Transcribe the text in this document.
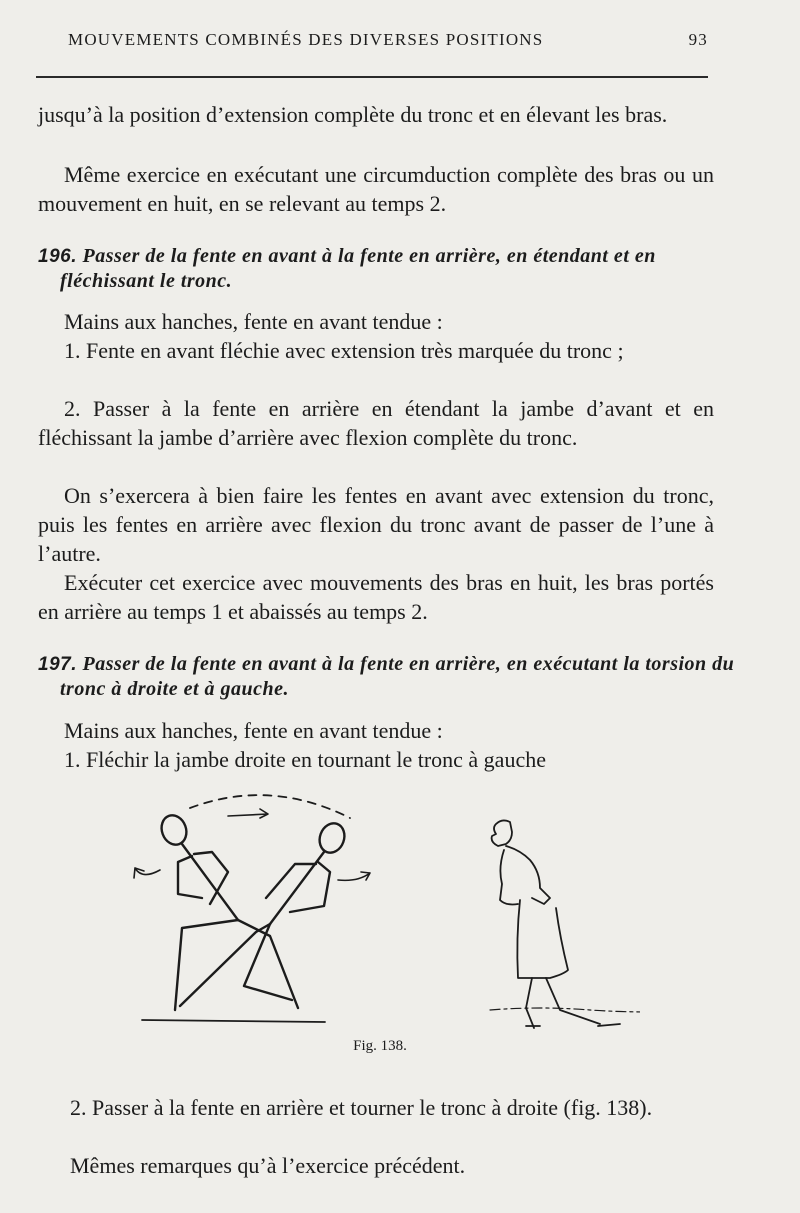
MOUVEMENTS COMBINÉS DES DIVERSES POSITIONS	93

jusqu’à la position d’extension complète du tronc et en élevant les bras.

Même exercice en exécutant une circumduction complète des bras ou un mouvement en huit, en se relevant au temps 2.

196. Passer de la fente en avant à la fente en arrière, en étendant et en fléchissant le tronc.

Mains aux hanches, fente en avant tendue :

1. Fente en avant fléchie avec extension très marquée du tronc ;

2. Passer à la fente en arrière en étendant la jambe d’avant et en fléchissant la jambe d’arrière avec flexion complète du tronc.

On s’exercera à bien faire les fentes en avant avec extension du tronc, puis les fentes en arrière avec flexion du tronc avant de passer de l’une à l’autre.

Exécuter cet exercice avec mouvements des bras en huit, les bras portés en arrière au temps 1 et abaissés au temps 2.

197. Passer de la fente en avant à la fente en arrière, en exécutant la torsion du tronc à droite et à gauche.

Mains aux hanches, fente en avant tendue :

1. Fléchir la jambe droite en tournant le tronc à gauche

Fig. 138.

2. Passer à la fente en arrière et tourner le tronc à droite (fig. 138).

Mêmes remarques qu’à l’exercice précédent.
